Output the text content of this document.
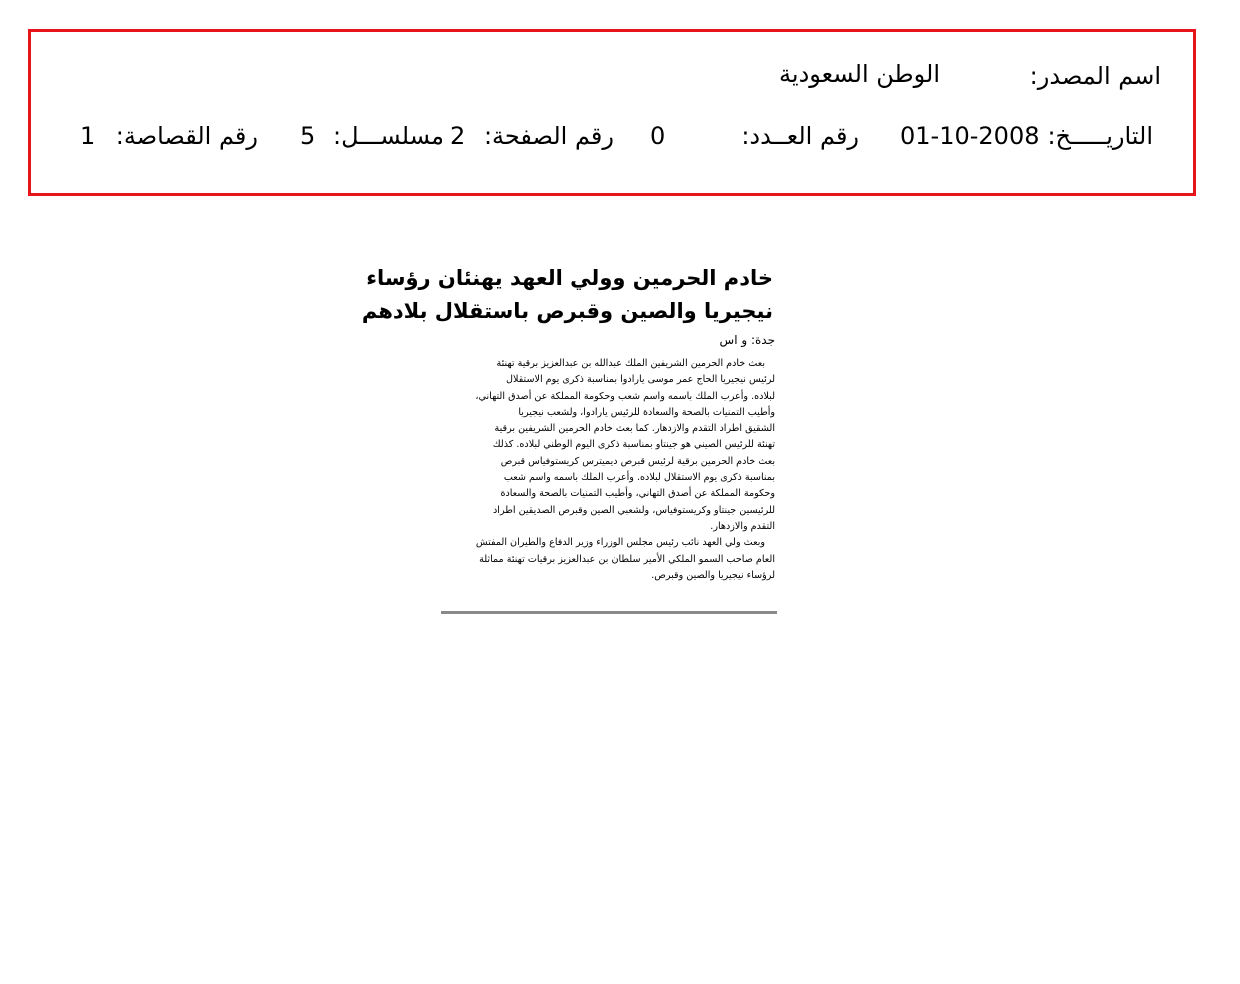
اسم المصدر:
الوطن السعودية
التاريـــــخ:
01-10-2008
رقم العــدد:
0
رقم الصفحة:
2
مسلســـل:
5
رقم القصاصة:
1
خادم الحرمين وولي العهد يهنئان رؤساء
نيجيريا والصين وقبرص باستقلال بلادهم
جدة: و اس
بعث خادم الحرمين الشريفين الملك عبدالله بن عبدالعزيز برقية تهنئة
لرئيس نيجيريا الحاج عمر موسى يارادوا بمناسبة ذكرى يوم الاستقلال
لبلاده. وأعرب الملك باسمه واسم شعب وحكومة المملكة عن أصدق التهاني،
وأطيب التمنيات بالصحة والسعادة للرئيس يارادوا، ولشعب نيجيريا
الشقيق اطراد التقدم والازدهار. كما بعث خادم الحرمين الشريفين برقية
تهنئة للرئيس الصيني هو جينتاو بمناسبة ذكرى اليوم الوطني لبلاده. كذلك
بعث خادم الحرمين برقية لرئيس قبرص ديميترس كريستوفياس قبرص
بمناسبة ذكرى يوم الاستقلال لبلاده. وأعرب الملك باسمه واسم شعب
وحكومة المملكة عن أصدق التهاني، وأطيب التمنيات بالصحة والسعادة
للرئيسين جينتاو وكريستوفياس، ولشعبي الصين وقبرص الصديقين اطراد
التقدم والازدهار.
وبعث ولي العهد نائب رئيس مجلس الوزراء وزير الدفاع والطيران المفتش
العام صاحب السمو الملكي الأمير سلطان بن عبدالعزيز برقيات تهنئة مماثلة
لرؤساء نيجيريا والصين وقبرص.
